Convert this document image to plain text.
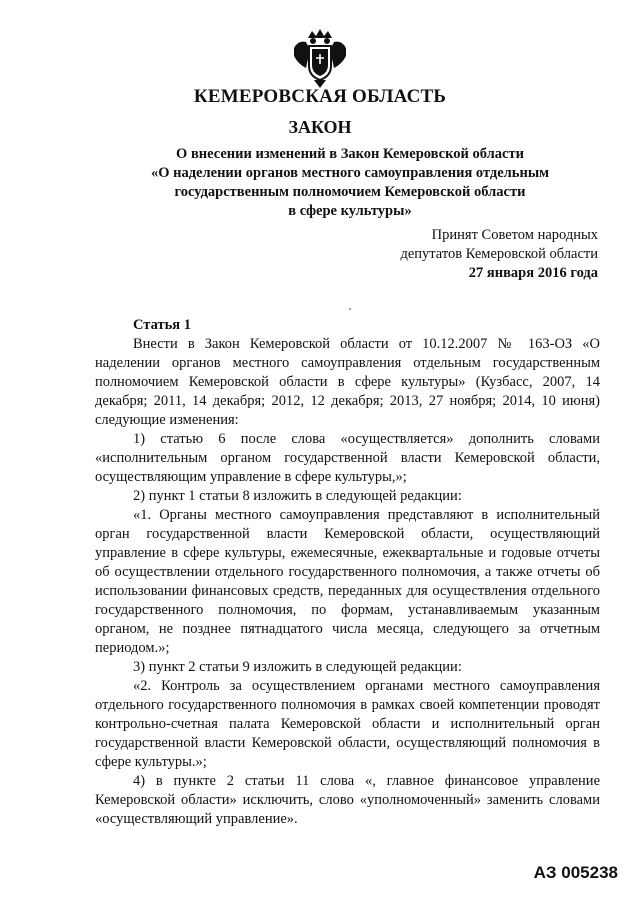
КЕМЕРОВСКАЯ ОБЛАСТЬ
ЗАКОН
О внесении изменений в Закон Кемеровской области
«О наделении органов местного самоуправления отдельным
государственным полномочием Кемеровской области
в сфере культуры»
Принят Советом народных
депутатов Кемеровской области
27 января 2016 года

Статья 1

Внести в Закон Кемеровской области от 10.12.2007 № 163-ОЗ «О наделении органов местного самоуправления отдельным государственным полномочием Кемеровской области в сфере культуры» (Кузбасс, 2007, 14 декабря; 2011, 14 декабря; 2012, 12 декабря; 2013, 27 ноября; 2014, 10 июня) следующие изменения:

1) статью 6 после слова «осуществляется» дополнить словами «исполнительным органом государственной власти Кемеровской области, осуществляющим управление в сфере культуры,»;

2) пункт 1 статьи 8 изложить в следующей редакции:

«1. Органы местного самоуправления представляют в исполнительный орган государственной власти Кемеровской области, осуществляющий управление в сфере культуры, ежемесячные, ежеквартальные и годовые отчеты об осуществлении отдельного государственного полномочия, а также отчеты об использовании финансовых средств, переданных для осуществления отдельного государственного полномочия, по формам, устанавливаемым указанным органом, не позднее пятнадцатого числа месяца, следующего за отчетным периодом.»;

3) пункт 2 статьи 9 изложить в следующей редакции:

«2. Контроль за осуществлением органами местного самоуправления отдельного государственного полномочия в рамках своей компетенции проводят контрольно-счетная палата Кемеровской области и исполнительный орган государственной власти Кемеровской области, осуществляющий полномочия в сфере культуры.»;

4) в пункте 2 статьи 11 слова «, главное финансовое управление Кемеровской области» исключить, слово «уполномоченный» заменить словами «осуществляющий управление».

АЗ 005238
